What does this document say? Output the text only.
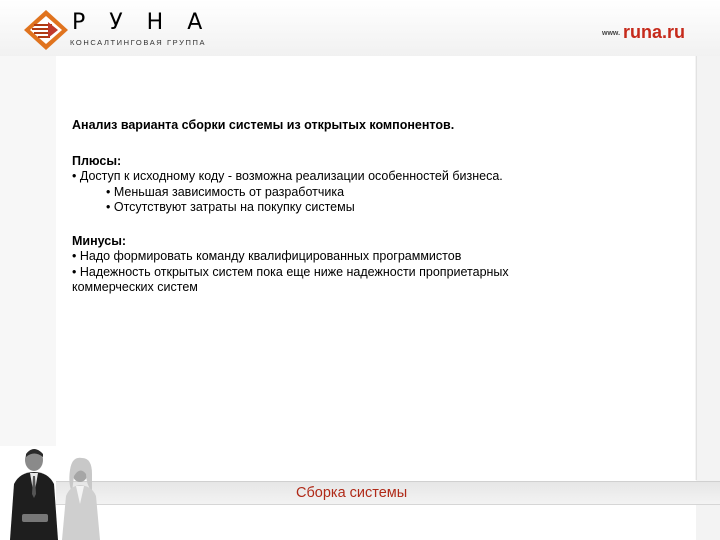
РУНА
КОНСАЛТИНГОВАЯ ГРУППА
www. runa.ru

Анализ варианта сборки системы из открытых компонентов.

Плюсы:

• Доступ к исходному коду - возможна реализации особенностей бизнеса.

• Меньшая зависимость от разработчика

• Отсутствуют затраты на покупку системы

Минусы:

• Надо формировать команду квалифицированных программистов

• Надежность открытых систем пока еще ниже надежности проприетарных

коммерческих систем

Сборка системы
